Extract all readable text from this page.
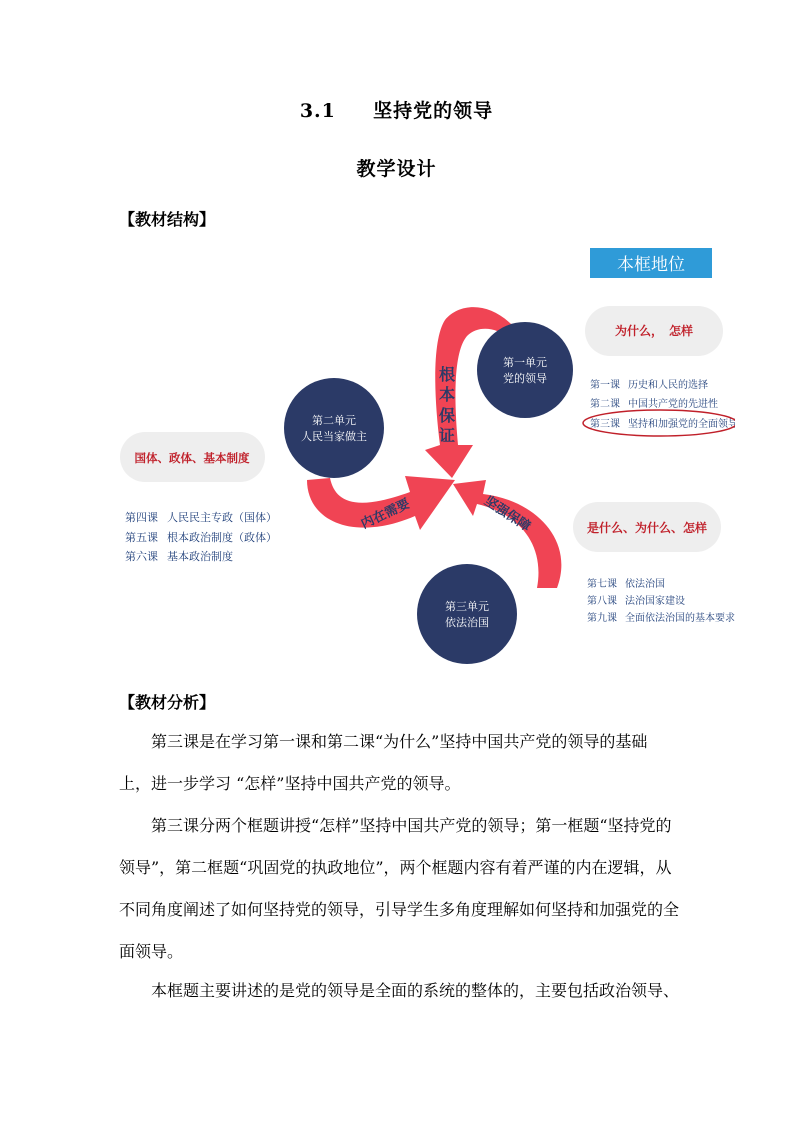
3.1 坚持党的领导
教学设计
【教材结构】
本框地位
为什么，　怎样
国体、政体、基本制度
是什么、为什么、怎样
根
本
保
证
内在需要	坚强保障
第一单元
党的领导
第二单元
人民当家做主
第三单元
依法治国
第一课 历史和人民的选择
第二课 中国共产党的先进性
第三课 坚持和加强党的全面领导
第四课 人民民主专政（国体）
第五课 根本政治制度（政体）
第六课 基本政治制度
第七课 依法治国
第八课 法治国家建设
第九课 全面依法治国的基本要求
【教材分析】

第三课是在学习第一课和第二课“为什么”坚持中国共产党的领导的基础上，进一步学习 “怎样”坚持中国共产党的领导。

第三课分两个框题讲授“怎样”坚持中国共产党的领导；第一框题“坚持党的领导”，第二框题“巩固党的执政地位”，两个框题内容有着严谨的内在逻辑，从不同角度阐述了如何坚持党的领导，引导学生多角度理解如何坚持和加强党的全面领导。

本框题主要讲述的是党的领导是全面的系统的整体的，主要包括政治领导、
